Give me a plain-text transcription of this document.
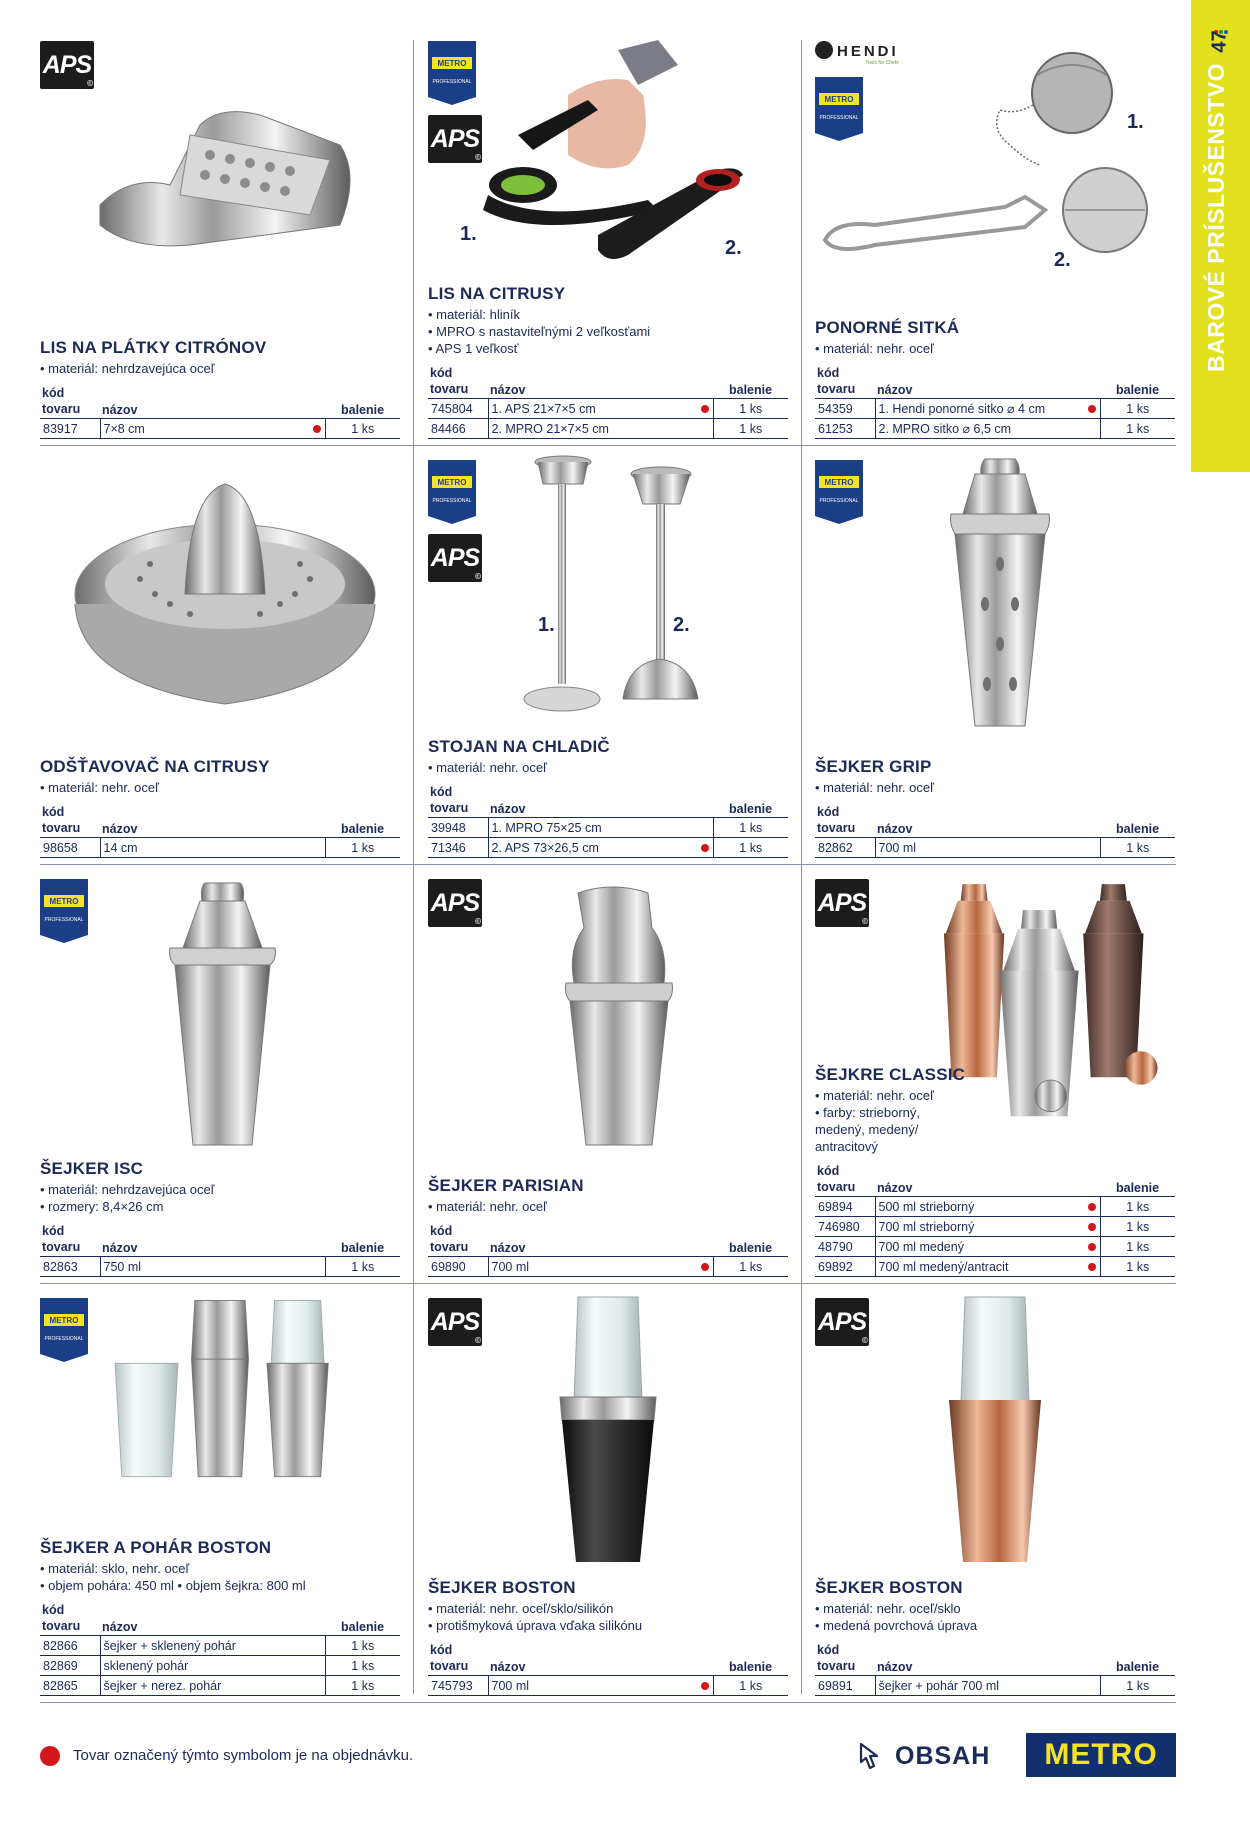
47
BAROVÉ PRÍSLUŠENSTVO
APS ©
LIS NA PLÁTKY CITRÓNOV
• materiál: nehrdzavejúca oceľ
kód tovaru	názov	balenie
83917	7×8 cm	1 ks
METRO
PROFESSIONAL
APS ©
1.
2.
LIS NA CITRUSY
• materiál: hliník
• MPRO s nastaviteľnými 2 veľkosťami
• APS 1 veľkosť
kód tovaru	názov	balenie
745804	1. APS 21×7×5 cm	1 ks
84466	2. MPRO 21×7×5 cm	1 ks
HENDI
Tools for Chefs
METRO
PROFESSIONAL	1.
2.
PONORNÉ SITKÁ
• materiál: nehr. oceľ
kód tovaru	názov	balenie
54359	1. Hendi ponorné sitko ⌀ 4 cm	1 ks
61253	2. MPRO sitko ⌀ 6,5 cm	1 ks
ODŠŤAVOVAČ NA CITRUSY
• materiál: nehr. oceľ
kód tovaru	názov	balenie
98658	14 cm	1 ks
METRO
PROFESSIONAL
APS ©
1.	2.
STOJAN NA CHLADIČ
• materiál: nehr. oceľ
kód tovaru	názov	balenie
39948	1. MPRO 75×25 cm	1 ks
71346	2. APS 73×26,5 cm	1 ks
METRO
PROFESSIONAL
ŠEJKER GRIP
• materiál: nehr. oceľ
kód tovaru	názov	balenie
82862	700 ml	1 ks
METRO
PROFESSIONAL
ŠEJKER ISC
• materiál: nehrdzavejúca oceľ
• rozmery: 8,4×26 cm
kód tovaru	názov	balenie
82863	750 ml	1 ks
APS ©
ŠEJKER PARISIAN
• materiál: nehr. oceľ
kód tovaru	názov	balenie
69890	700 ml	1 ks
APS ©
ŠEJKRE CLASSIC
• materiál: nehr. oceľ
• farby: strieborný, medený, medený/ antracitový
kód tovaru	názov	balenie
69894	500 ml strieborný	1 ks
746980	700 ml strieborný	1 ks
48790	700 ml medený	1 ks
69892	700 ml medený/antracit	1 ks
METRO
PROFESSIONAL
ŠEJKER A POHÁR BOSTON
• materiál: sklo, nehr. oceľ
• objem pohára: 450 ml • objem šejkra: 800 ml
kód tovaru	názov	balenie
82866	šejker + sklenený pohár	1 ks
82869	sklenený pohár	1 ks
82865	šejker + nerez. pohár	1 ks
APS ©
ŠEJKER BOSTON
• materiál: nehr. oceľ/sklo/silikón
• protišmyková úprava vďaka silikónu
kód tovaru	názov	balenie
745793	700 ml	1 ks
APS ©
ŠEJKER BOSTON
• materiál: nehr. oceľ/sklo
• medená povrchová úprava
kód tovaru	názov	balenie
69891	šejker + pohár 700 ml	1 ks
Tovar označený týmto symbolom je na objednávku.	OBSAH	METRO
